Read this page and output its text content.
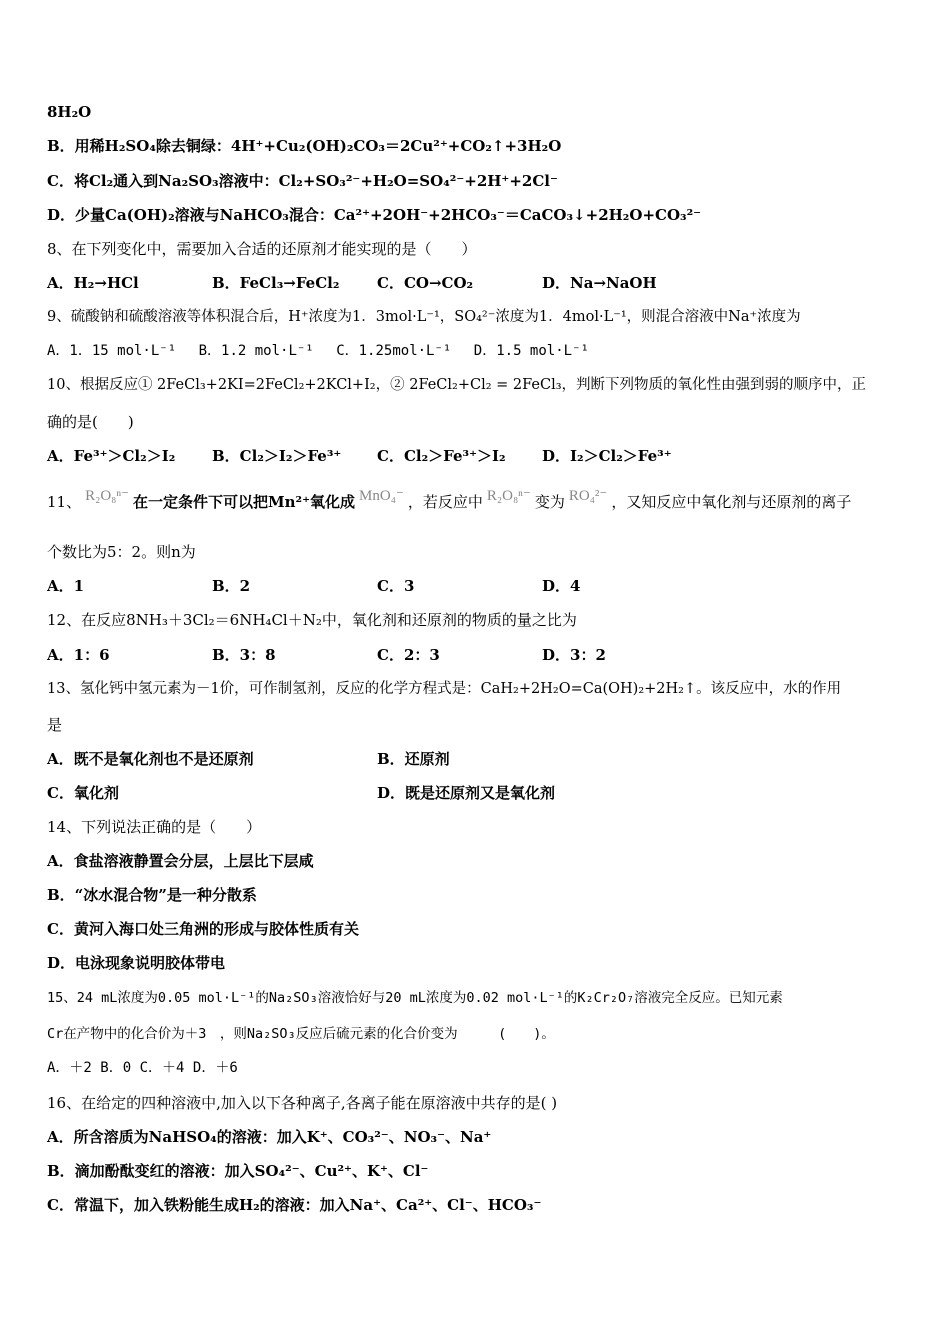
8H₂O
B．用稀H₂SO₄除去铜绿：4H⁺+Cu₂(OH)₂CO₃＝2Cu²⁺+CO₂↑+3H₂O
C．将Cl₂通入到Na₂SO₃溶液中：Cl₂+SO₃²⁻+H₂O=SO₄²⁻+2H⁺+2Cl⁻
D．少量Ca(OH)₂溶液与NaHCO₃混合：Ca²⁺+2OH⁻+2HCO₃⁻＝CaCO₃↓+2H₂O+CO₃²⁻
8、在下列变化中，需要加入合适的还原剂才能实现的是（　　）
A．H₂→HCl	B．FeCl₃→FeCl₂	C．CO→CO₂	D．Na→NaOH
9、硫酸钠和硫酸溶液等体积混合后，H⁺浓度为1．3mol·L⁻¹，SO₄²⁻浓度为1．4mol·L⁻¹，则混合溶液中Na⁺浓度为
A．1．15 mol·L⁻¹ B．1.2 mol·L⁻¹ C．1.25mol·L⁻¹ D．1.5 mol·L⁻¹
10、根据反应① 2FeCl₃+2KI=2FeCl₂+2KCl+I₂，② 2FeCl₂+Cl₂ = 2FeCl₃，判断下列物质的氧化性由强到弱的顺序中，正
确的是(　　)
A．Fe³⁺＞Cl₂＞I₂ B．Cl₂＞I₂＞Fe³⁺ C．Cl₂＞Fe³⁺＞I₂ D．I₂＞Cl₂＞Fe³⁺
11、 R₂O₈ⁿ⁻ 在一定条件下可以把Mn²⁺氧化成 MnO₄⁻ ，若反应中 R₂O₈ⁿ⁻ 变为 RO₄²⁻ ，又知反应中氧化剂与还原剂的离子
个数比为5：2。则n为
A．1	B．2	C．3	D．4
12、在反应8NH₃＋3Cl₂＝6NH₄Cl＋N₂中，氧化剂和还原剂的物质的量之比为
A．1：6	B．3：8	C．2：3	D．3：2
13、氢化钙中氢元素为－1价，可作制氢剂，反应的化学方程式是：CaH₂+2H₂O=Ca(OH)₂+2H₂↑。该反应中，水的作用
是
A．既不是氧化剂也不是还原剂	B．还原剂
C．氧化剂	D．既是还原剂又是氧化剂
14、下列说法正确的是（　　）
A．食盐溶液静置会分层，上层比下层咸
B．“冰水混合物”是一种分散系
C．黄河入海口处三角洲的形成与胶体性质有关
D．电泳现象说明胶体带电
15、24 mL浓度为0.05 mol·L⁻¹的Na₂SO₃溶液恰好与20 mL浓度为0.02 mol·L⁻¹的K₂Cr₂O₇溶液完全反应。已知元素
Cr在产物中的化合价为＋3　，则Na₂SO₃反应后硫元素的化合价变为　　　(　　)。
A．＋2 B．0 C．＋4 D．＋6
16、在给定的四种溶液中,加入以下各种离子,各离子能在原溶液中共存的是( )
A．所含溶质为NaHSO₄的溶液：加入K⁺、CO₃²⁻、NO₃⁻、Na⁺
B．滴加酚酞变红的溶液：加入SO₄²⁻、Cu²⁺、K⁺、Cl⁻
C．常温下，加入铁粉能生成H₂的溶液：加入Na⁺、Ca²⁺、Cl⁻、HCO₃⁻
